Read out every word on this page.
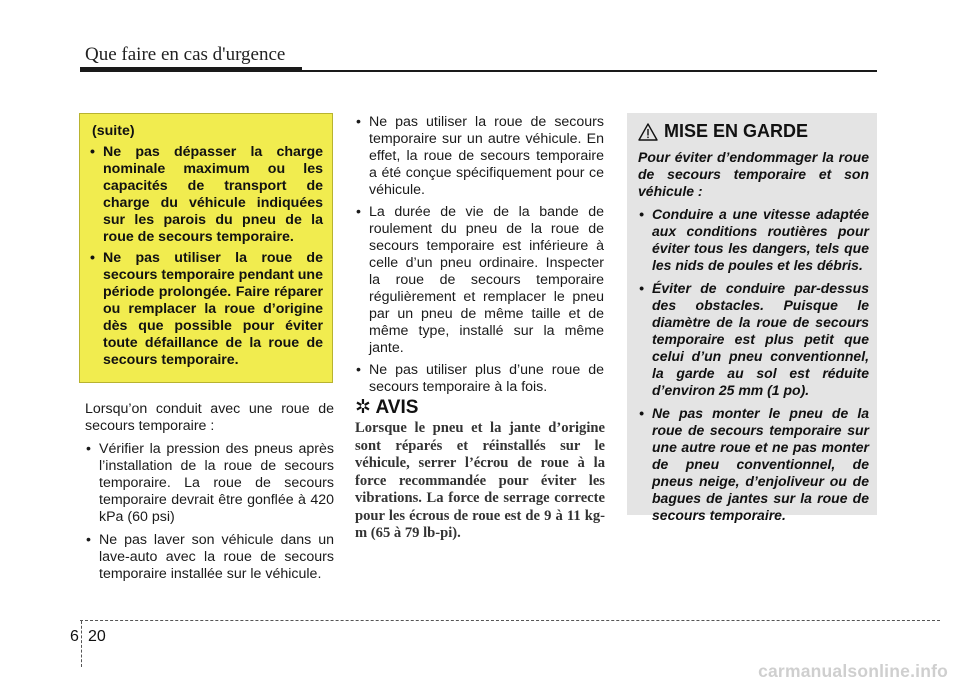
Que faire en cas d'urgence
(suite)
• Ne pas dépasser la charge nominale maximum ou les capacités de transport de charge du véhicule indiquées sur les parois du pneu de la roue de secours temporaire.
• Ne pas utiliser la roue de secours temporaire pendant une période prolongée. Faire réparer ou remplacer la roue d’origine dès que possible pour éviter toute défaillance de la roue de secours temporaire.

Lorsqu’on conduit avec une roue de secours temporaire :

• Vérifier la pression des pneus après l’installation de la roue de secours temporaire. La roue de secours temporaire devrait être gonflée à 420 kPa (60 psi)
• Ne pas laver son véhicule dans un lave-auto avec la roue de secours temporaire installée sur le véhicule.
• Ne pas utiliser la roue de secours temporaire sur un autre véhicule. En effet, la roue de secours temporaire a été conçue spécifiquement pour ce véhicule.
• La durée de vie de la bande de roulement du pneu de la roue de secours temporaire est inférieure à celle d’un pneu ordinaire. Inspecter la roue de secours temporaire régulièrement et remplacer le pneu par un pneu de même taille et de même type, installé sur la même jante.
• Ne pas utiliser plus d’une roue de secours temporaire à la fois.
✲ AVIS
Lorsque le pneu et la jante d’origine sont réparés et réinstallés sur le véhicule, serrer l’écrou de roue à la force recommandée pour éviter les vibrations. La force de serrage correcte pour les écrous de roue est de 9 à 11 kg-m (65 à 79 lb-pi).
MISE EN GARDE
Pour éviter d’endommager la roue de secours temporaire et son véhicule :
• Conduire a une vitesse adaptée aux conditions routières pour éviter tous les dangers, tels que les nids de poules et les débris.
• Éviter de conduire par-dessus des obstacles. Puisque le diamètre de la roue de secours temporaire est plus petit que celui d’un pneu conventionnel, la garde au sol est réduite d’environ 25 mm (1 po).
• Ne pas monter le pneu de la roue de secours temporaire sur une autre roue et ne pas monter de pneu conventionnel, de pneus neige, d’enjoliveur ou de bagues de jantes sur la roue de secours temporaire.
6 20
carmanualsonline.info
